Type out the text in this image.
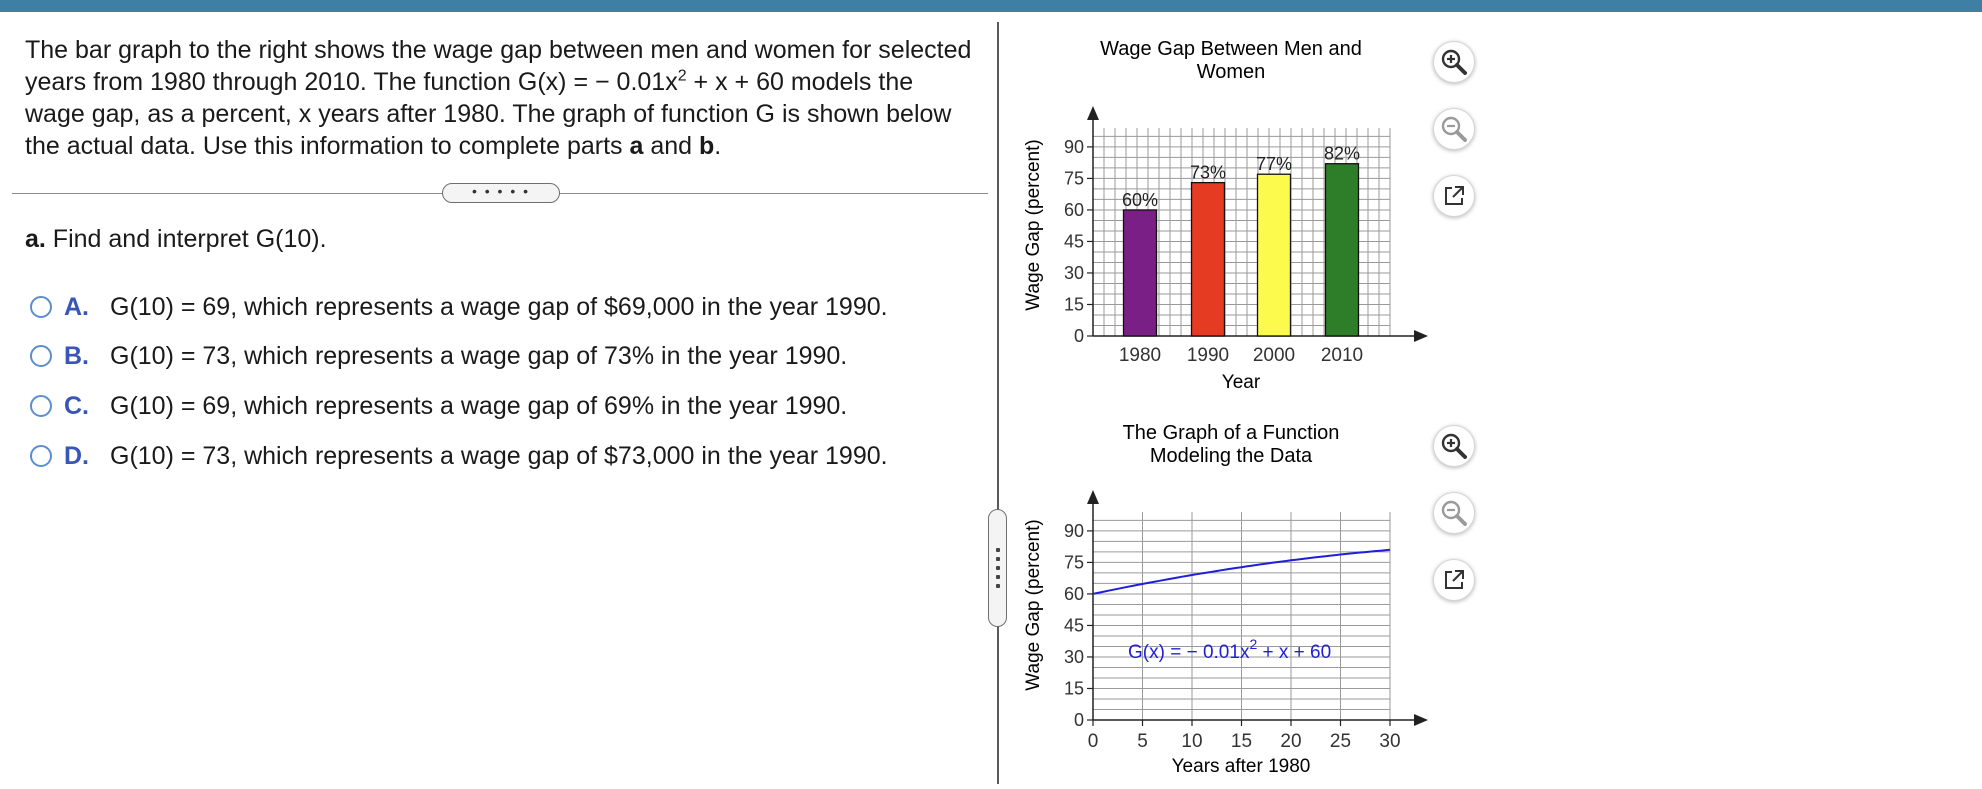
The bar graph to the right shows the wage gap between men and women for selected years from 1980 through 2010. The function G(x) = − $0.01x^2 + x + 60$ models the wage gap, as a percent, x years after 1980. The graph of function G is shown below the actual data. Use this information to complete parts a and b.
• • • • •
a. Find and interpret G(10).
A. G(10) = 69, which represents a wage gap of $69,000 in the year 1990.
B. G(10) = 73, which represents a wage gap of 73% in the year 1990.
C. G(10) = 69, which represents a wage gap of 69% in the year 1990.
D. G(10) = 73, which represents a wage gap of $73,000 in the year 1990.
Wage Gap Between Men and
Women
Wage Gap (percent)
Year
0
15
30
45
60
75
90
60%
1980
73%
1990
77%
2000
82%
2010
The Graph of a Function
Modeling the Data
Wage Gap (percent)
Years after 1980
0
15
30
45
60
75
90
0 5 10 15 20 25 30
G(x) = − $0.01x^2 + x + 60$
